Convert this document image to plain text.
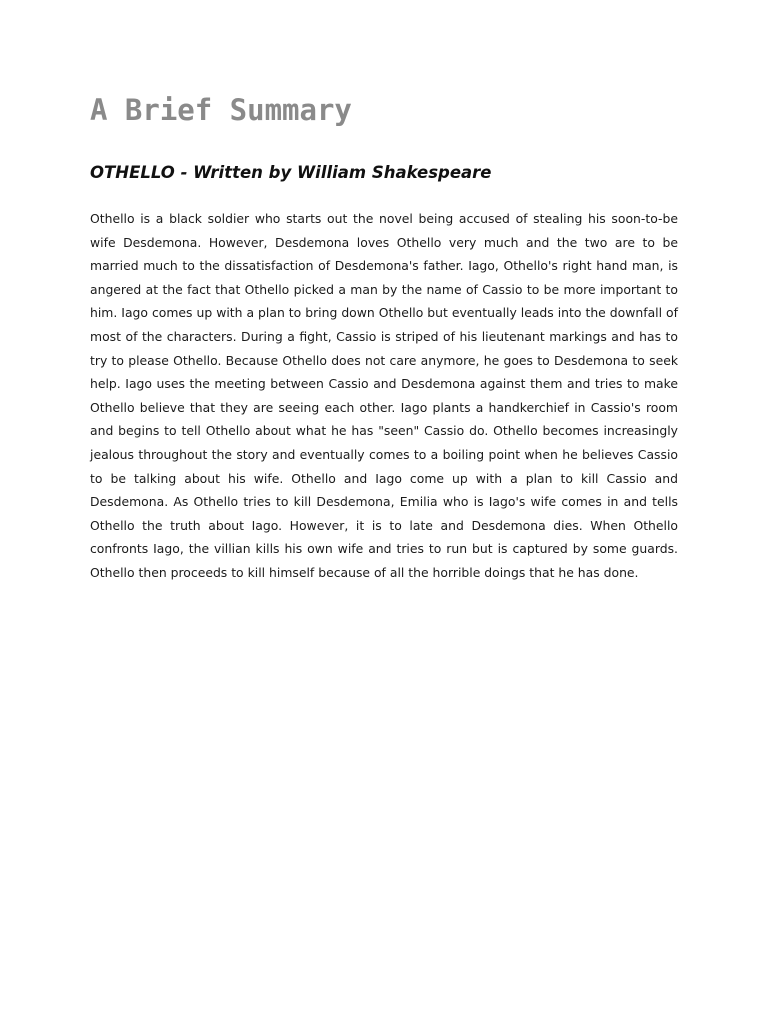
A Brief Summary
OTHELLO - Written by William Shakespeare

Othello is a black soldier who starts out the novel being accused of stealing his soon-to-be wife Desdemona. However, Desdemona loves Othello very much and the two are to be married much to the dissatisfaction of Desdemona's father. Iago, Othello's right hand man, is angered at the fact that Othello picked a man by the name of Cassio to be more important to him. Iago comes up with a plan to bring down Othello but eventually leads into the downfall of most of the characters. During a fight, Cassio is striped of his lieutenant markings and has to try to please Othello. Because Othello does not care anymore, he goes to Desdemona to seek help. Iago uses the meeting between Cassio and Desdemona against them and tries to make Othello believe that they are seeing each other. Iago plants a handkerchief in Cassio's room and begins to tell Othello about what he has "seen" Cassio do. Othello becomes increasingly jealous throughout the story and eventually comes to a boiling point when he believes Cassio to be talking about his wife. Othello and Iago come up with a plan to kill Cassio and Desdemona. As Othello tries to kill Desdemona, Emilia who is Iago's wife comes in and tells Othello the truth about Iago. However, it is to late and Desdemona dies. When Othello confronts Iago, the villian kills his own wife and tries to run but is captured by some guards. Othello then proceeds to kill himself because of all the horrible doings that he has done.
